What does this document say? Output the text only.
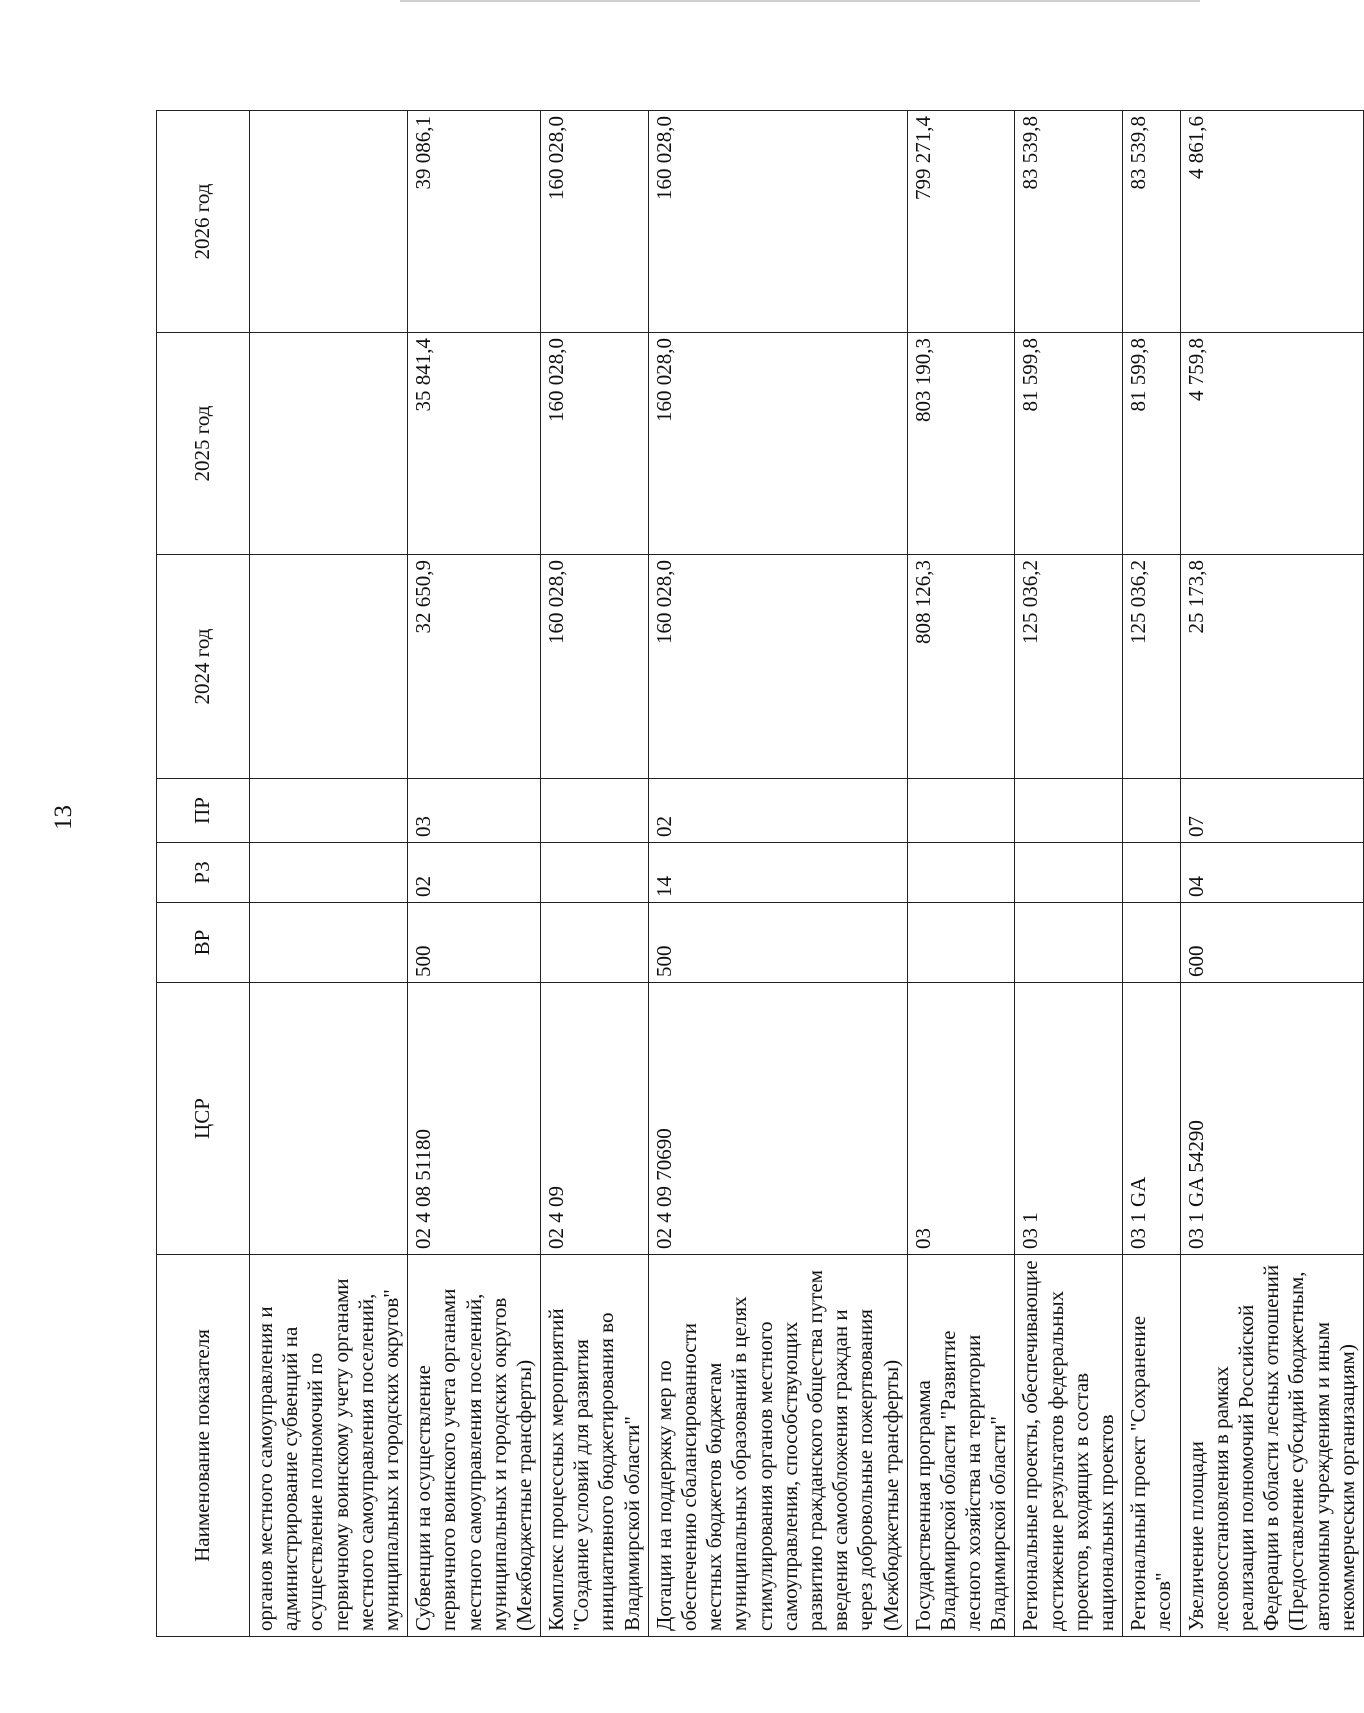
13
Наименование показателя	ЦСР	ВР	РЗ	ПР	2024 год	2025 год	2026 год
органов местного самоуправления и администрирование субвенций на осуществление полномочий по первичному воинскому учету органами местного самоуправления поселений, муниципальных и городских округов"							
Субвенции на осуществление первичного воинского учета органами местного самоуправления поселений, муниципальных и городских округов (Межбюджетные трансферты)	02 4 08 51180	500	02	03	32 650,9	35 841,4	39 086,1
Комплекс процессных мероприятий "Создание условий для развития инициативного бюджетирования во Владимирской области"	02 4 09				160 028,0	160 028,0	160 028,0
Дотации на поддержку мер по обеспечению сбалансированности местных бюджетов бюджетам муниципальных образований в целях стимулирования органов местного самоуправления, способствующих развитию гражданского общества путем введения самообложения граждан и через добровольные пожертвования (Межбюджетные трансферты)	02 4 09 70690	500	14	02	160 028,0	160 028,0	160 028,0
Государственная программа Владимирской области "Развитие лесного хозяйства на территории Владимирской области"	03				808 126,3	803 190,3	799 271,4
Региональные проекты, обеспечивающие достижение результатов федеральных проектов, входящих в состав национальных проектов	03 1				125 036,2	81 599,8	83 539,8
Региональный проект "Сохранение лесов"	03 1 GA				125 036,2	81 599,8	83 539,8
Увеличение площади лесовосстановления в рамках реализации полномочий Российской Федерации в области лесных отношений (Предоставление субсидий бюджетным, автономным учреждениям и иным некоммерческим организациям)	03 1 GA 54290	600	04	07	25 173,8	4 759,8	4 861,6
